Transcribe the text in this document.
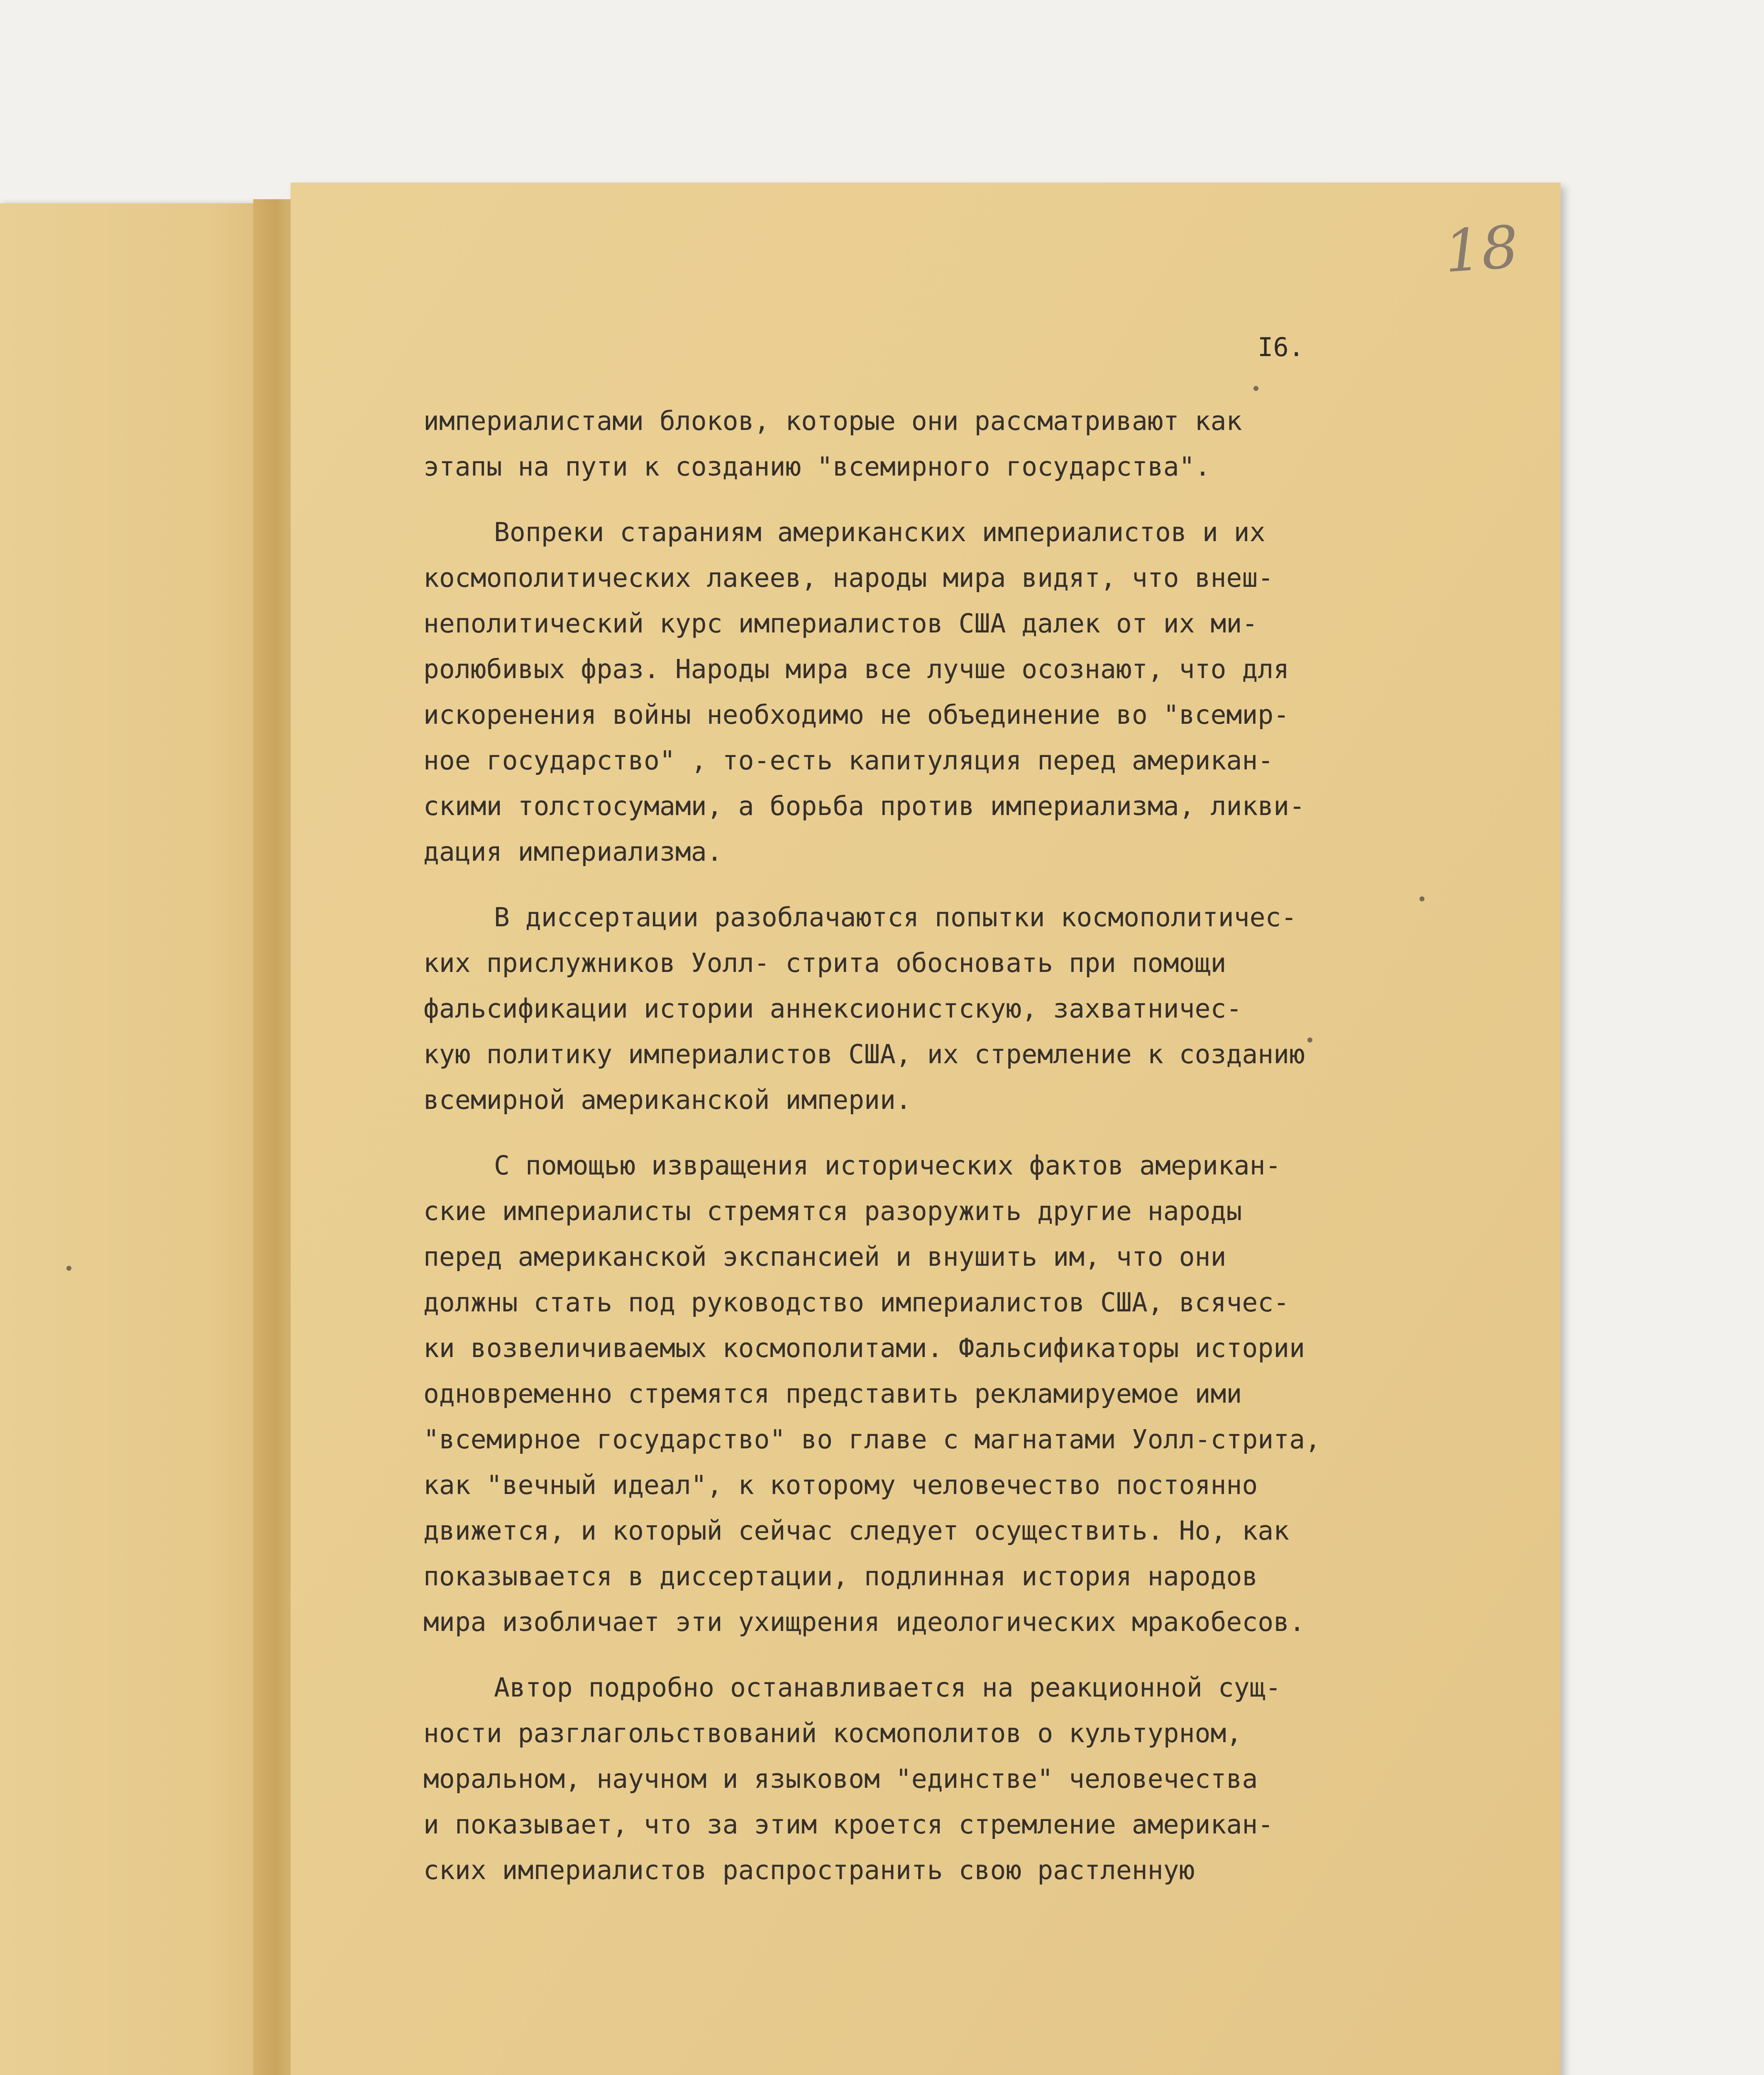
18
I6.
империалистами блоков, которые они рассматривают как
этапы на пути к созданию "всемирного государства".
Вопреки стараниям американских империалистов и их
космополитических лакеев, народы мира видят, что внеш-
неполитический курс империалистов США далек от их ми-
ролюбивых фраз. Народы мира все лучше осознают, что для
искоренения войны необходимо не объединение во "всемир-
ное государство" , то-есть капитуляция перед американ-
скими толстосумами, а борьба против империализма, ликви-
дация империализма.
В диссертации разоблачаются попытки космополитичес-
ких прислужников Уолл- стрита обосновать при помощи
фальсификации истории аннексионистскую, захватничес-
кую политику империалистов США, их стремление к созданию
всемирной американской империи.
С помощью извращения исторических фактов американ-
ские империалисты стремятся разоружить другие народы
перед американской экспансией и внушить им, что они
должны стать под руководство империалистов США, всячес-
ки возвеличиваемых космополитами. Фальсификаторы истории
одновременно стремятся представить рекламируемое ими
"всемирное государство" во главе с магнатами Уолл-стрита,
как "вечный идеал", к которому человечество постоянно
движется, и который сейчас следует осуществить. Но, как
показывается в диссертации, подлинная история народов
мира изобличает эти ухищрения идеологических мракобесов.
Автор подробно останавливается на реакционной сущ-
ности разглагольствований космополитов о культурном,
моральном, научном и языковом "единстве" человечества
и показывает, что за этим кроется стремление американ-
ских империалистов распространить свою растленную
